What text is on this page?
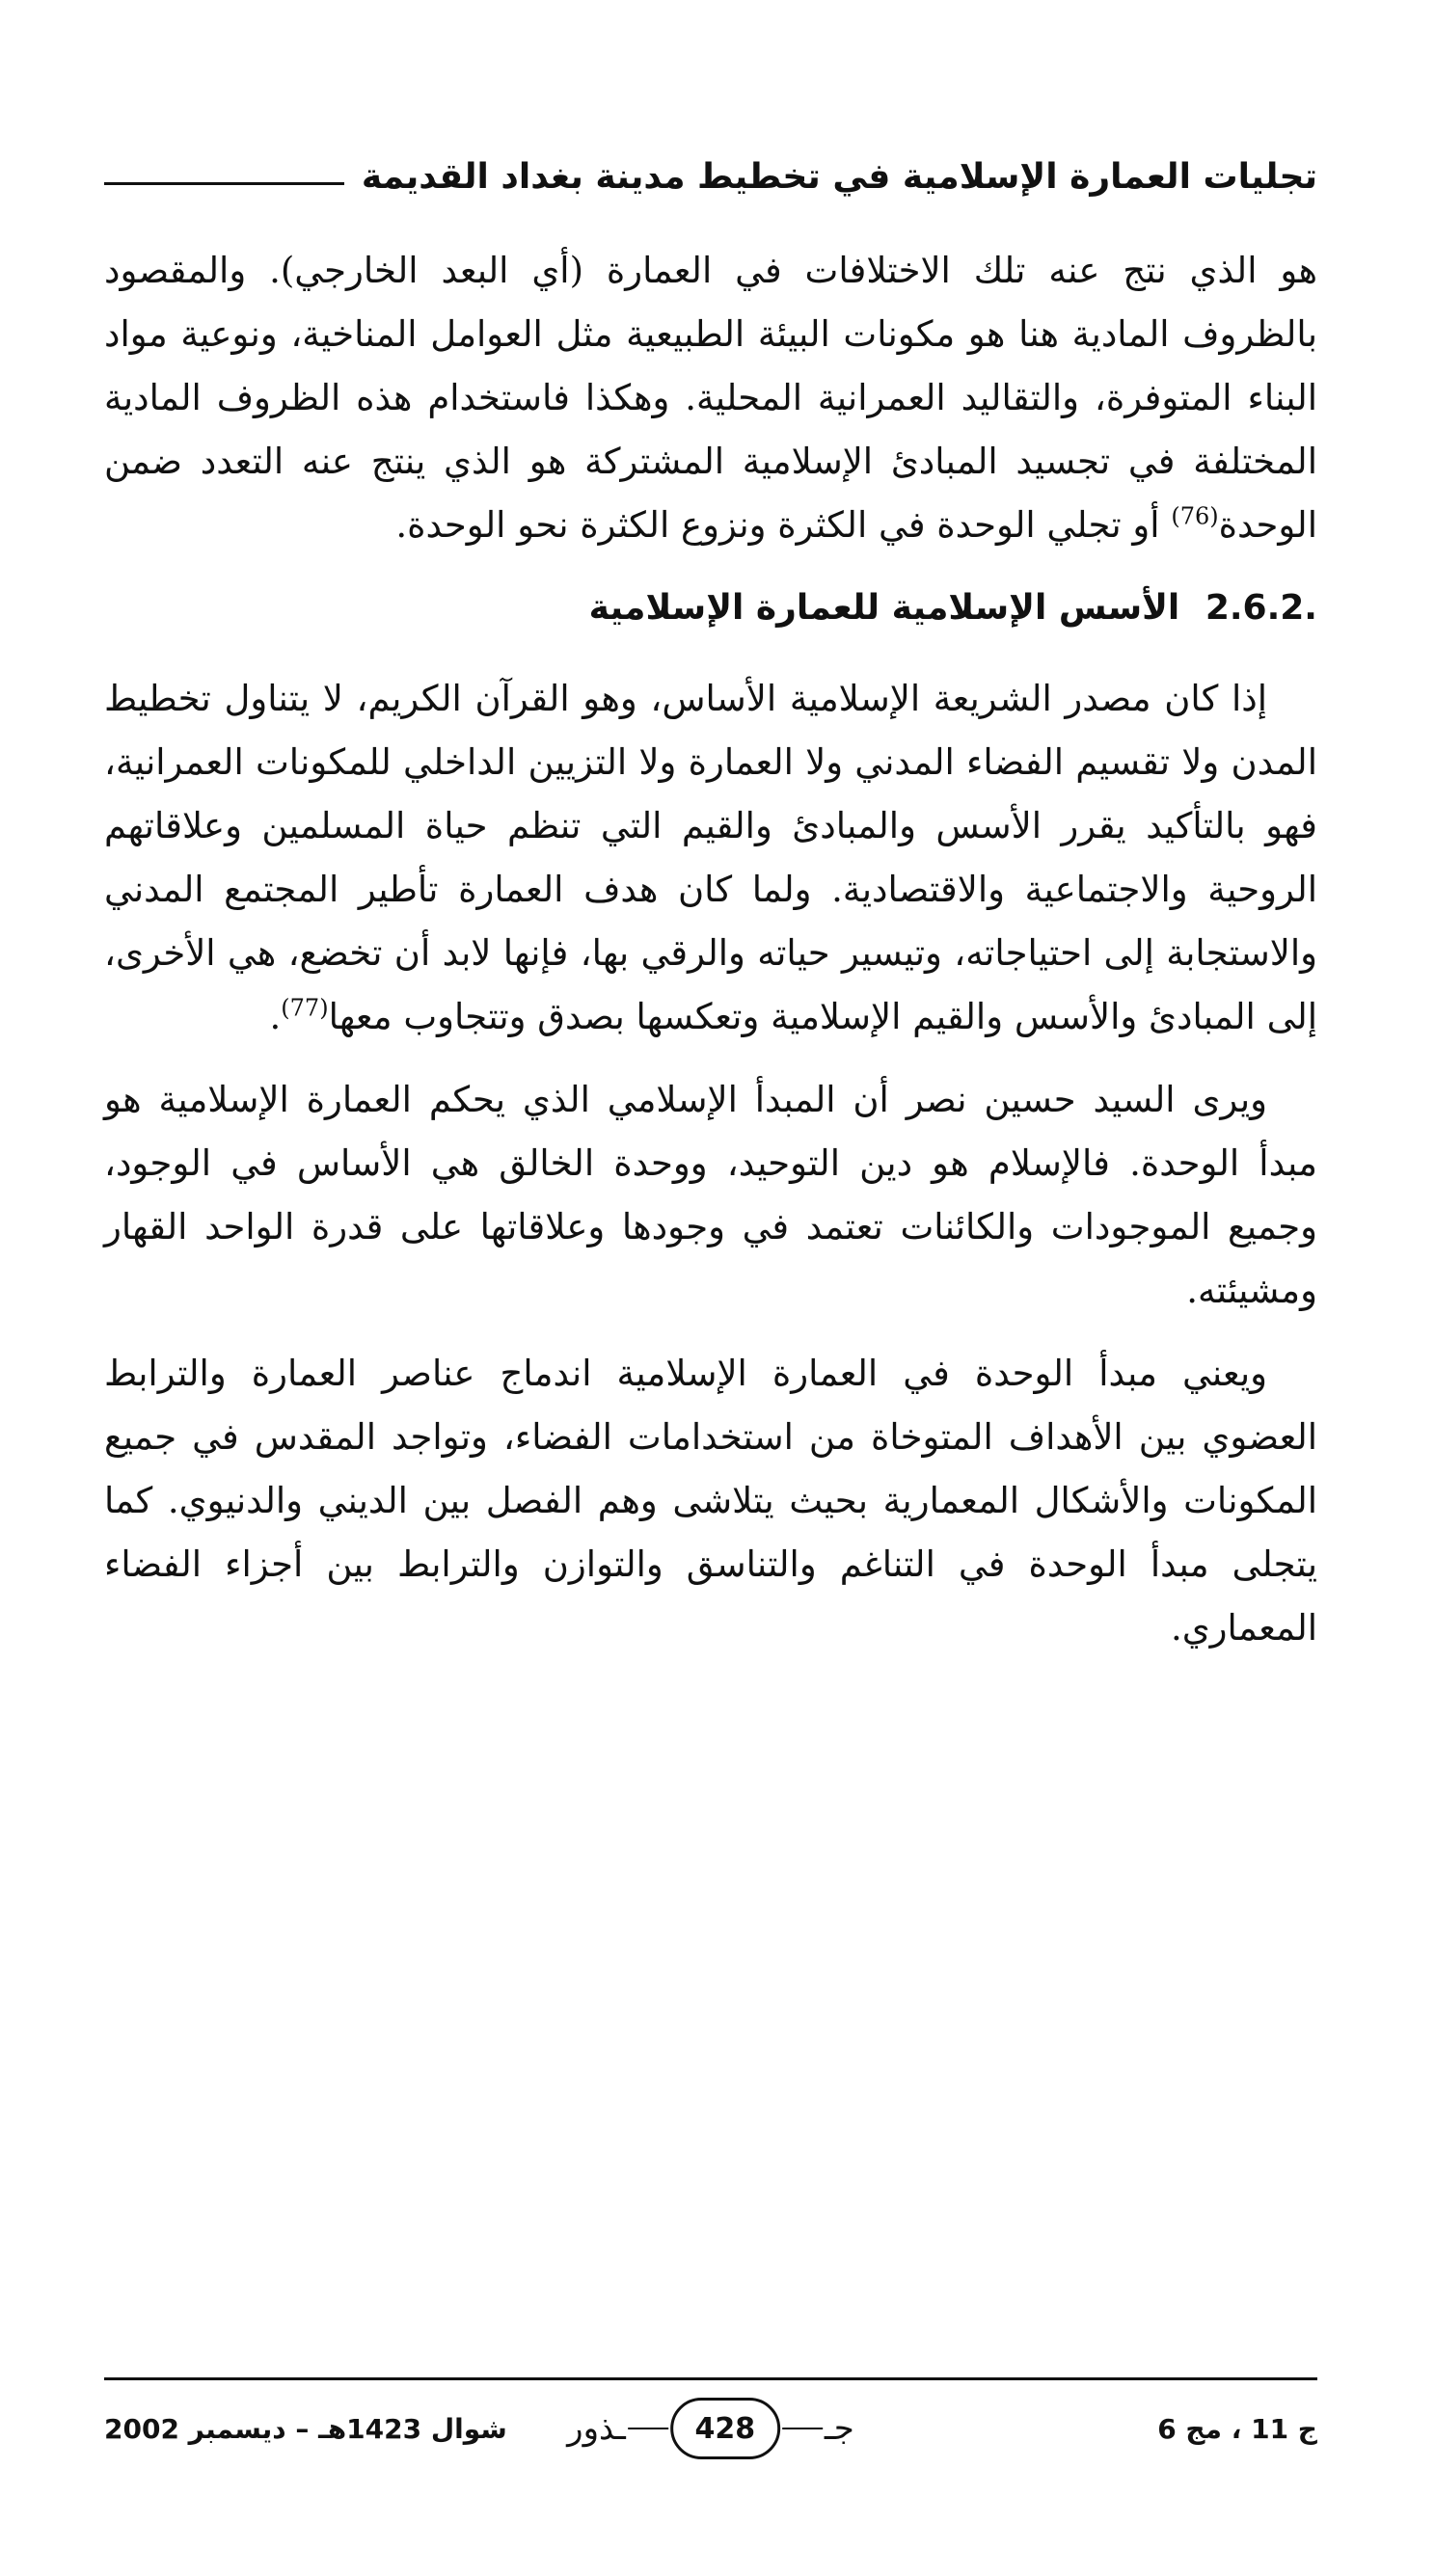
تجليات العمارة الإسلامية في تخطيط مدينة بغداد القديمة

هو الذي نتج عنه تلك الاختلافات في العمارة (أي البعد الخارجي). والمقصود بالظروف المادية هنا هو مكونات البيئة الطبيعية مثل العوامل المناخية، ونوعية مواد البناء المتوفرة، والتقاليد العمرانية المحلية. وهكذا فاستخدام هذه الظروف المادية المختلفة في تجسيد المبادئ الإسلامية المشتركة هو الذي ينتج عنه التعدد ضمن الوحدة$^{(76)}$ أو تجلي الوحدة في الكثرة ونزوع الكثرة نحو الوحدة.

2.6.2. الأسس الإسلامية للعمارة الإسلامية

إذا كان مصدر الشريعة الإسلامية الأساس، وهو القرآن الكريم، لا يتناول تخطيط المدن ولا تقسيم الفضاء المدني ولا العمارة ولا التزيين الداخلي للمكونات العمرانية، فهو بالتأكيد يقرر الأسس والمبادئ والقيم التي تنظم حياة المسلمين وعلاقاتهم الروحية والاجتماعية والاقتصادية. ولما كان هدف العمارة تأطير المجتمع المدني والاستجابة إلى احتياجاته، وتيسير حياته والرقي بها، فإنها لابد أن تخضع، هي الأخرى، إلى المبادئ والأسس والقيم الإسلامية وتعكسها بصدق وتتجاوب معها$^{(77)}$.

ويرى السيد حسين نصر أن المبدأ الإسلامي الذي يحكم العمارة الإسلامية هو مبدأ الوحدة. فالإسلام هو دين التوحيد، ووحدة الخالق هي الأساس في الوجود، وجميع الموجودات والكائنات تعتمد في وجودها وعلاقاتها على قدرة الواحد القهار ومشيئته.

ويعني مبدأ الوحدة في العمارة الإسلامية اندماج عناصر العمارة والترابط العضوي بين الأهداف المتوخاة من استخدامات الفضاء، وتواجد المقدس في جميع المكونات والأشكال المعمارية بحيث يتلاشى وهم الفصل بين الديني والدنيوي. كما يتجلى مبدأ الوحدة في التناغم والتناسق والتوازن والترابط بين أجزاء الفضاء المعماري.

ج 11 ، مج 6
جـ
428
ـذور
شوال 1423هـ – ديسمبر 2002
